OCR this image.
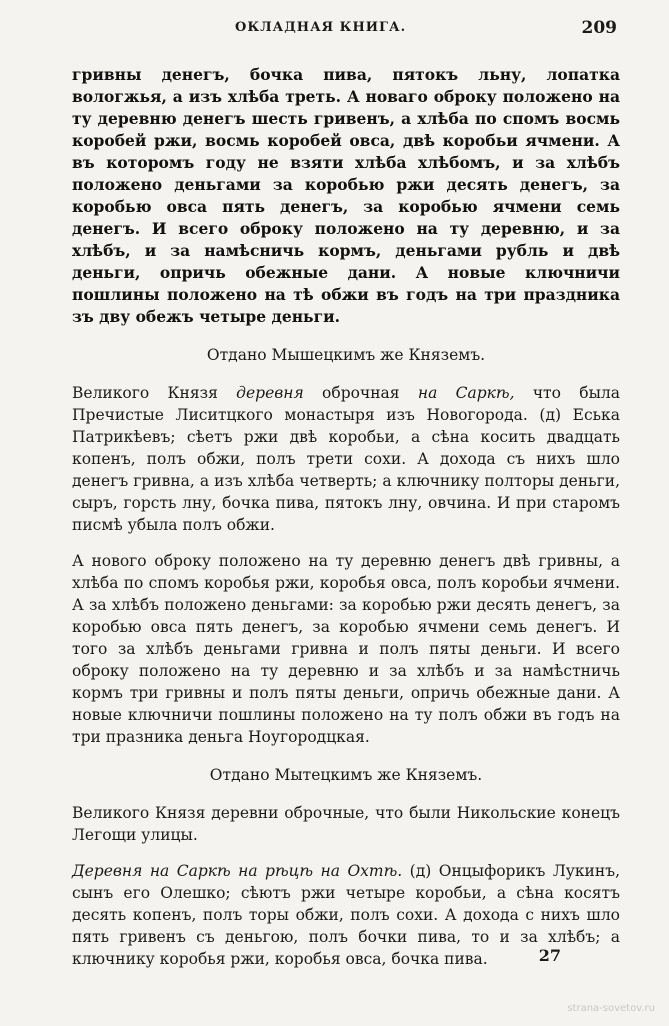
ОКЛАДНАЯ КНИГА.	209

гривны денегъ, бочка пива, пятокъ льну, лопатка вологжья, а изъ хлѣба треть. А новаго оброку положено на ту деревню денегъ шесть гривенъ, а хлѣба по спомъ восмь коробей ржи, восмь коробей овса, двѣ коробьи ячмени. А въ которомъ году не взяти хлѣба хлѣбомъ, и за хлѣбъ положено деньгами за коробью ржи десять денегъ, за коробью овса пять денегъ, за коробью ячмени семь денегъ. И всего оброку положено на ту деревню, и за хлѣбъ, и за намѣсничь кормъ, деньгами рубль и двѣ деньги, опричь обежные дани. А новые ключничи пошлины положено на тѣ обжи въ годъ на три праздника зъ дву обежъ четыре деньги.

Отдано Мышецкимъ же Княземъ.

Великого Князя деревня оброчная на Саркѣ, что была Пречистые Лиситцкого монастыря изъ Новогорода. (д) Еська Патрикѣевъ; сѣетъ ржи двѣ коробьи, а сѣна косить двадцать копенъ, полъ обжи, полъ трети сохи. А дохода съ нихъ шло денегъ гривна, а изъ хлѣба четверть; а ключнику полторы деньги, сыръ, горсть лну, бочка пива, пятокъ лну, овчина. И при старомъ писмѣ убыла полъ обжи.

А нового оброку положено на ту деревню денегъ двѣ гривны, а хлѣба по спомъ коробья ржи, коробья овса, полъ коробьи ячмени. А за хлѣбъ положено деньгами: за коробью ржи десять денегъ, за коробью овса пять денегъ, за коробью ячмени семь денегъ. И того за хлѣбъ деньгами гривна и полъ пяты деньги. И всего оброку положено на ту деревню и за хлѣбъ и за намѣстничь кормъ три гривны и полъ пяты деньги, опричь обежные дани. А новые ключничи пошлины положено на ту полъ обжи въ годъ на три празника деньга Ноугородцкая.

Отдано Мытецкимъ же Княземъ.

Великого Князя деревни оброчные, что были Никольские конецъ Легощи улицы.

Деревня на Саркѣ на рѣцѣ на Охтѣ. (д) Онцыфорикъ Лукинъ, сынъ его Олешко; сѣютъ ржи четыре коробьи, а сѣна косятъ десять копенъ, полъ торы обжи, полъ сохи. А дохода с нихъ шло пять гривенъ съ деньгою, полъ бочки пива, то и за хлѣбъ; а ключнику коробья ржи, коробья овса, бочка пива.	27
strana-sovetov.ru
